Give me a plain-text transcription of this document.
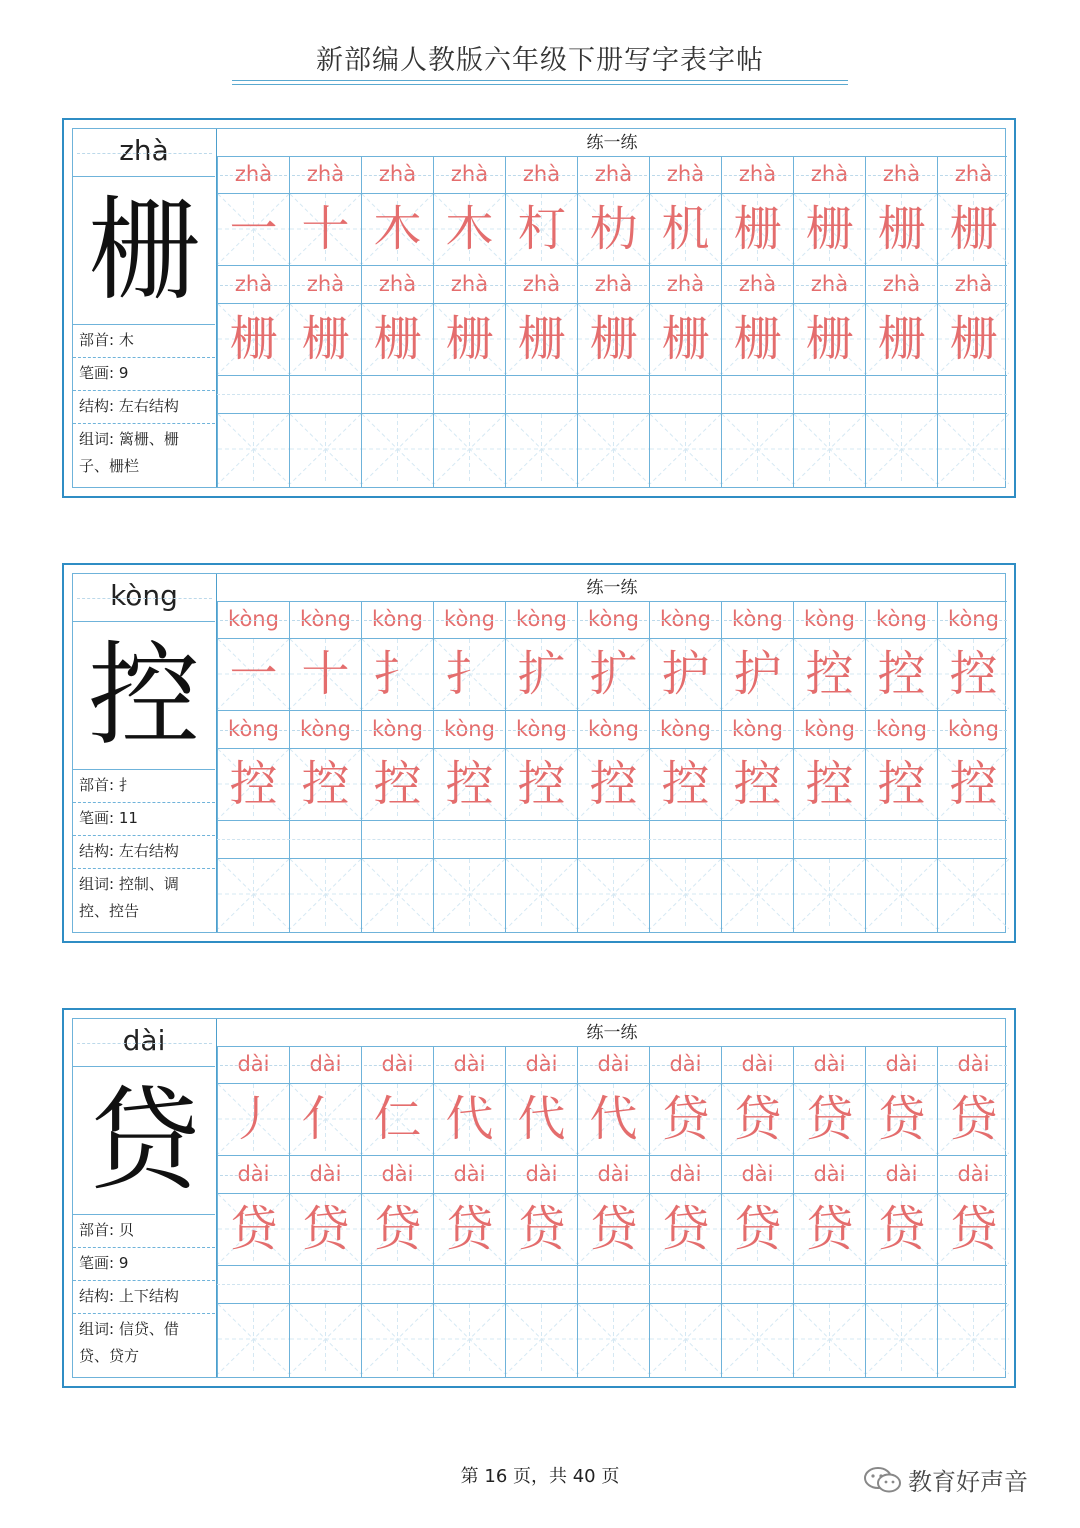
新部编人教版六年级下册写字表字帖
zhà
栅
部首: 木
笔画: 9
结构: 左右结构
组词: 篱栅、栅
子、栅栏
练一练
zhà
一
zhà
栅
zhà
十
zhà
栅
zhà
木
zhà
栅
zhà
木
zhà
栅
zhà
朾
zhà
栅
zhà
朸
zhà
栅
zhà
机
zhà
栅
zhà
栅
zhà
栅
zhà
栅
zhà
栅
zhà
栅
zhà
栅
zhà
栅
zhà
栅
kòng
控
部首: 扌
笔画: 11
结构: 左右结构
组词: 控制、调
控、控告
练一练
kòng
一
kòng
控
kòng
十
kòng
控
kòng
扌
kòng
控
kòng
扌
kòng
控
kòng
扩
kòng
控
kòng
扩
kòng
控
kòng
护
kòng
控
kòng
护
kòng
控
kòng
控
kòng
控
kòng
控
kòng
控
kòng
控
kòng
控
dài
贷
部首: 贝
笔画: 9
结构: 上下结构
组词: 信贷、借
贷、贷方
练一练
dài
丿
dài
贷
dài
亻
dài
贷
dài
仁
dài
贷
dài
代
dài
贷
dài
代
dài
贷
dài
代
dài
贷
dài
贷
dài
贷
dài
贷
dài
贷
dài
贷
dài
贷
dài
贷
dài
贷
dài
贷
dài
贷
第 16 页，共 40 页	教育好声音
